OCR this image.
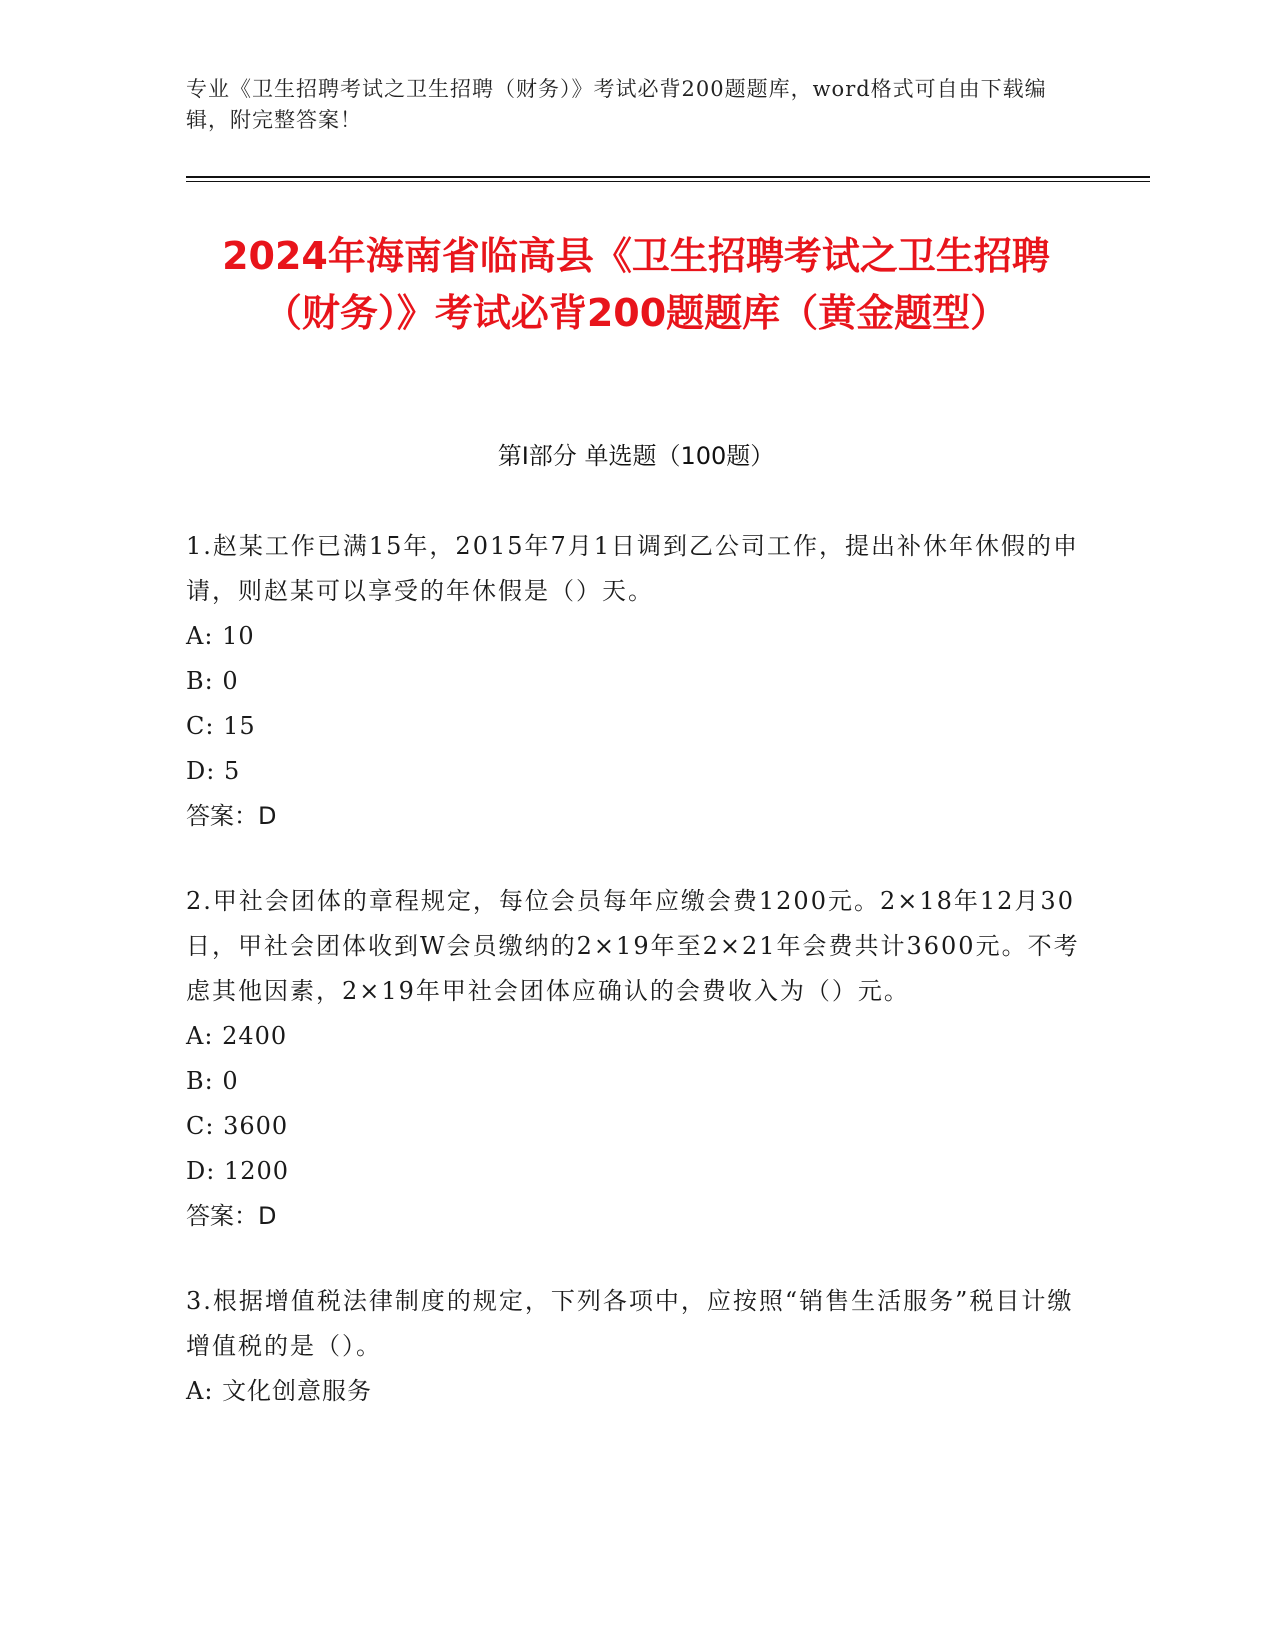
专业《卫生招聘考试之卫生招聘（财务）》考试必背200题题库，word格式可自由下载编辑，附完整答案！
2024年海南省临高县《卫生招聘考试之卫生招聘（财务）》考试必背200题题库（黄金题型）
第I部分 单选题（100题）

1.赵某工作已满15年，2015年7月1日调到乙公司工作，提出补休年休假的申请，则赵某可以享受的年休假是（）天。

A: 10

B: 0

C: 15

D: 5

答案：D

2.甲社会团体的章程规定，每位会员每年应缴会费1200元。2×18年12月30日，甲社会团体收到W会员缴纳的2×19年至2×21年会费共计3600元。不考虑其他因素，2×19年甲社会团体应确认的会费收入为（）元。

A: 2400

B: 0

C: 3600

D: 1200

答案：D

3.根据增值税法律制度的规定，下列各项中，应按照“销售生活服务”税目计缴增值税的是（）。

A: 文化创意服务
